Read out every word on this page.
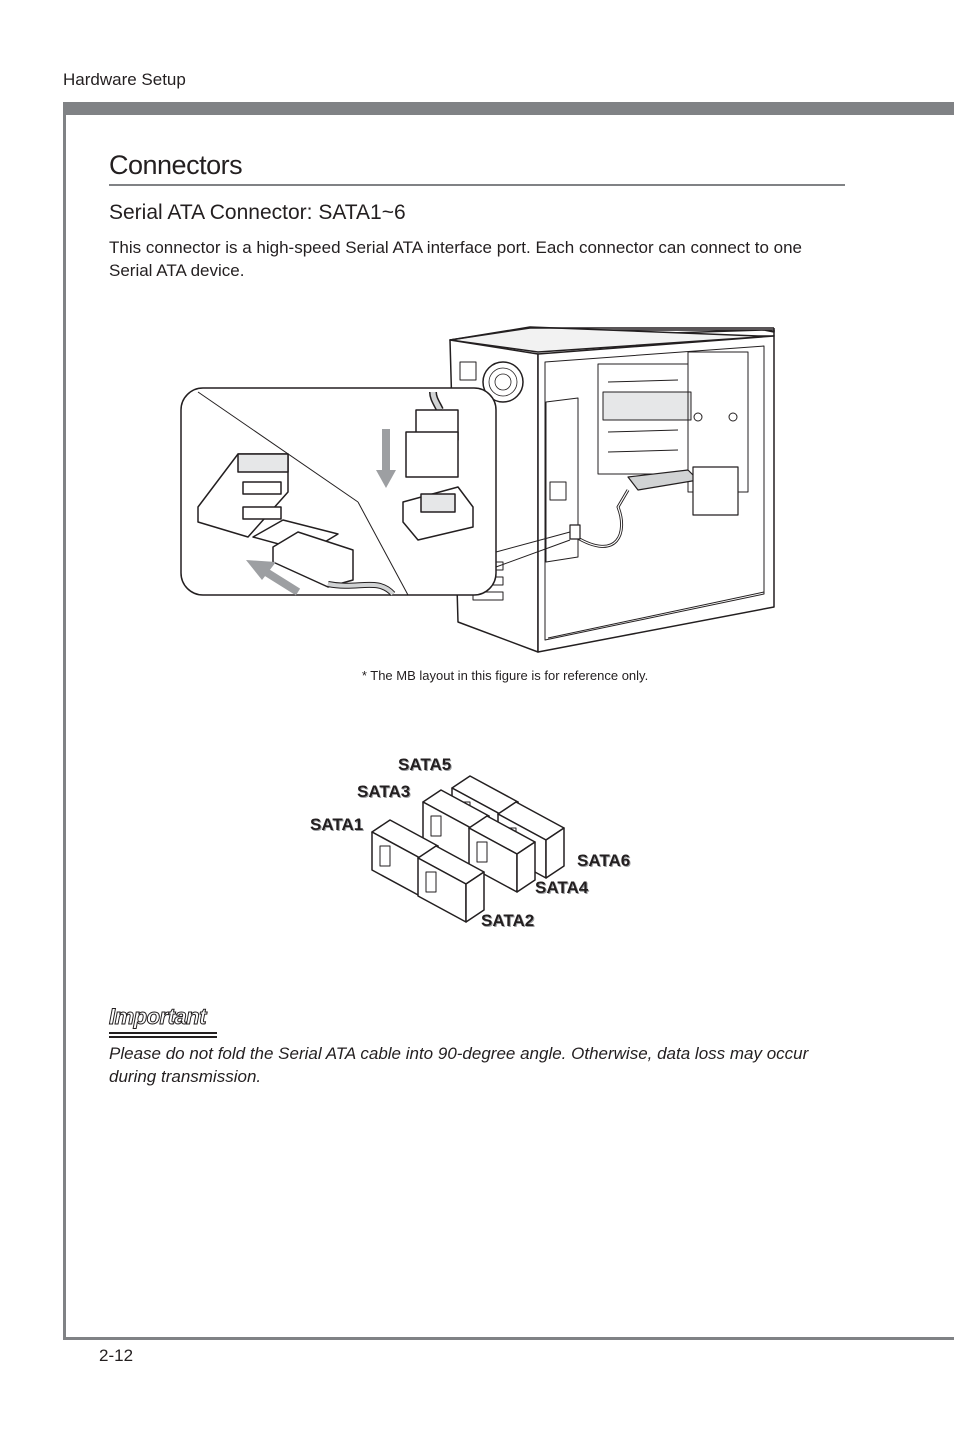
Hardware Setup
Connectors
Serial ATA Connector: SATA1~6
This connector is a high-speed Serial ATA interface port. Each connector can connect to one Serial ATA device.
* The MB layout in this figure is for reference only.
SATA5
SATA3
SATA1
SATA6
SATA4
SATA2
Important
Please do not fold the Serial ATA cable into 90-degree angle. Otherwise, data loss may occur during transmission.
2-12
